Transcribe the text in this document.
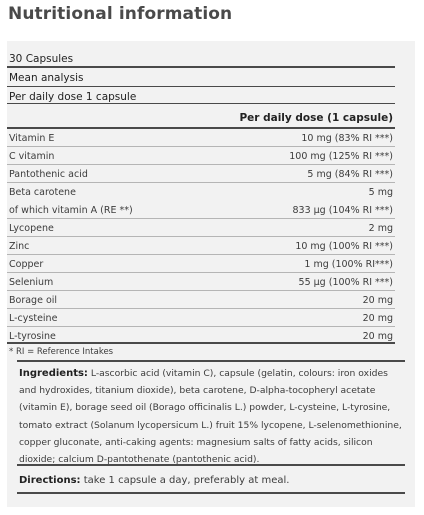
Nutritional information
30 Capsules
Mean analysis
Per daily dose 1 capsule
Per daily dose (1 capsule)
Vitamin E	10 mg (83% RI ***)
C vitamin	100 mg (125% RI ***)
Pantothenic acid	5 mg (84% RI ***)
Beta carotene	5 mg
of which vitamin A (RE **)	833 µg (104% RI ***)
Lycopene	2 mg
Zinc	10 mg (100% RI ***)
Copper	1 mg (100% RI***)
Selenium	55 µg (100% RI ***)
Borage oil	20 mg
L-cysteine	20 mg
L-tyrosine	20 mg
* RI = Reference Intakes
Ingredients: L-ascorbic acid (vitamin C), capsule (gelatin, colours: iron oxides and hydroxides, titanium dioxide), beta carotene, D-alpha-tocopheryl acetate (vitamin E), borage seed oil (Borago officinalis L.) powder, L-cysteine, L-tyrosine, tomato extract (Solanum lycopersicum L.) fruit 15% lycopene, L-selenomethionine, copper gluconate, anti-caking agents: magnesium salts of fatty acids, silicon dioxide; calcium D-pantothenate (pantothenic acid).
Directions: take 1 capsule a day, preferably at meal.
